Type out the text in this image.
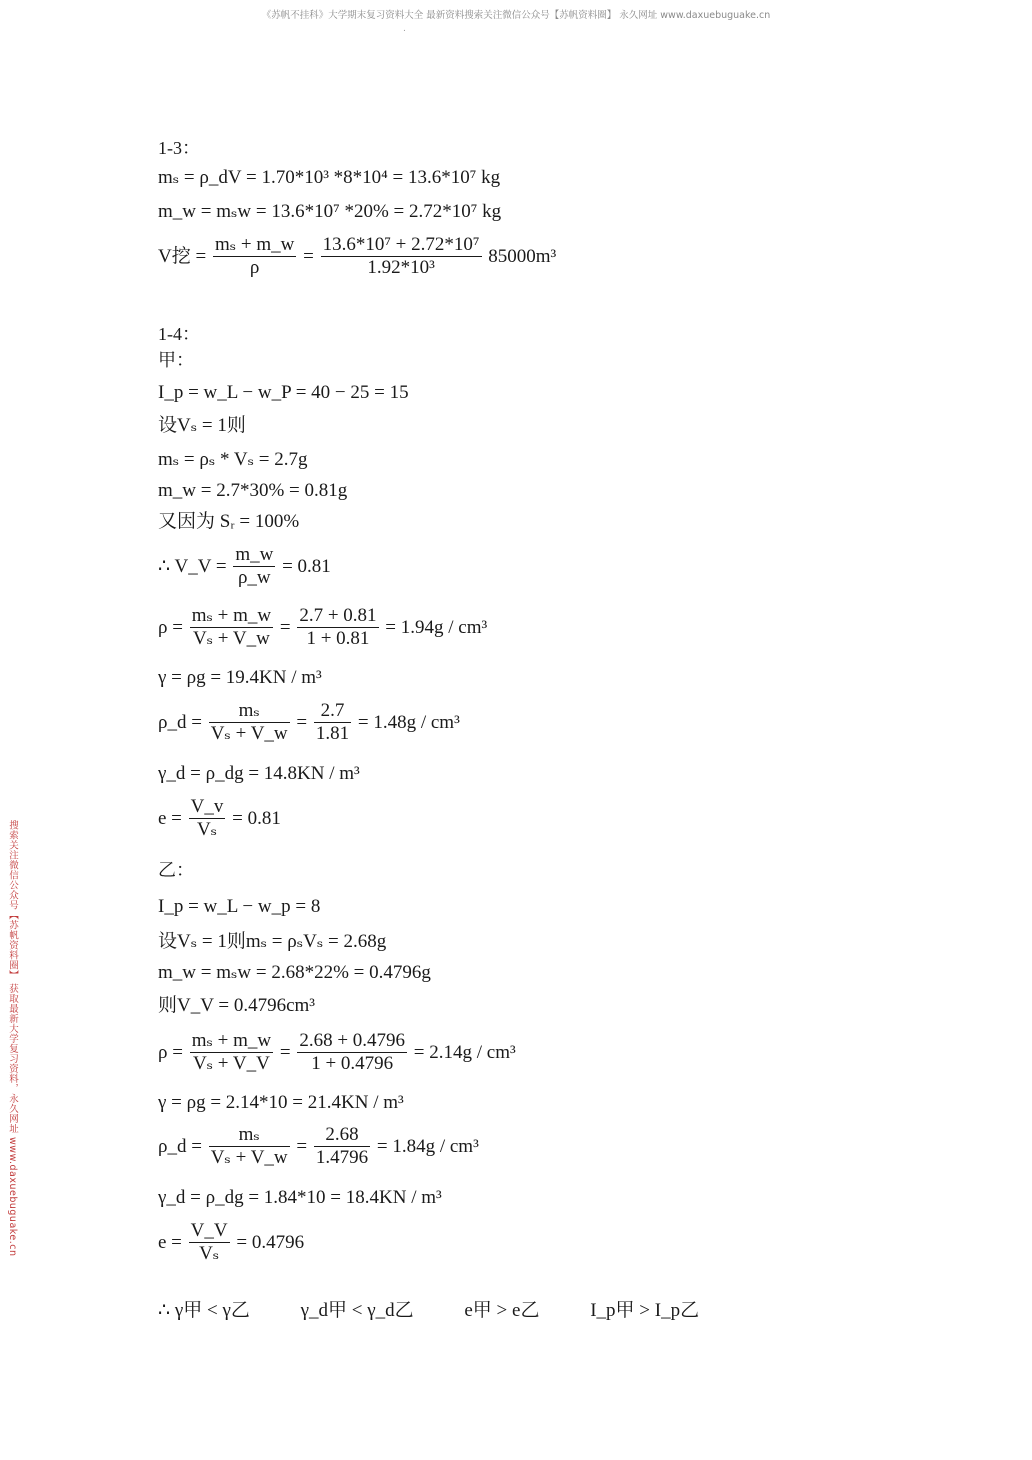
《苏帆不挂科》大学期末复习资料大全 最新资料搜索关注微信公众号【苏帆资料圈】 永久网址 www.daxuebuguake.cn
.
搜索关注微信公众号【苏帆资料圈】 获取最新大学复习资料，永久网址 www.daxuebuguake.cn
1-3：
mₛ = ρ_dV = 1.70*10³ *8*10⁴ = 13.6*10⁷ kg
m_w = mₛw = 13.6*10⁷ *20% = 2.72*10⁷ kg
V挖 = $\frac{\text{mₛ + m\_w}}{\rho} = \frac{\text{13.6*10⁷ + 2.72*10⁷}}{\text{1.92*10³}} 85000m^3$
1-4：
甲：
I_p = w_L − w_P = 40 − 25 = 15
设Vₛ = 1则
mₛ = ρₛ * Vₛ = 2.7g
m_w = 2.7*30% = 0.81g
又因为 Sᵣ = 100%
∴ V_V = $\frac{m\_w}{\rho\_w} = 0.81$
$\rho = \frac{\text{mₛ + m\_w}}{\text{Vₛ + V\_w}} = \frac{2.7 + 0.81}{1 + 0.81} = 1.94g / cm^3$
γ = ρg = 19.4KN / m³
ρ_d = $\frac{\text{mₛ}}{\text{Vₛ + V\_w}} = \frac{2.7}{1.81} = 1.48g / cm^3$
γ_d = ρ_dg = 14.8KN / m³
$e = \frac{V\_v}{\text{Vₛ}} = 0.81$
乙：
I_p = w_L − w_p = 8
设Vₛ = 1则mₛ = ρₛVₛ = 2.68g
m_w = mₛw = 2.68*22% = 0.4796g
则V_V = 0.4796cm³
$\rho = \frac{\text{mₛ + m\_w}}{\text{Vₛ + V\_V}} = \frac{2.68 + 0.4796}{1 + 0.4796} = 2.14g / cm^3$
γ = ρg = 2.14*10 = 21.4KN / m³
ρ_d = $\frac{\text{mₛ}}{\text{Vₛ + V\_w}} = \frac{2.68}{1.4796} = 1.84g / cm^3$
γ_d = ρ_dg = 1.84*10 = 18.4KN / m³
$e = \frac{V\_V}{\text{Vₛ}} = 0.4796$
∴ γ甲 < γ乙	γ_d甲 < γ_d乙	e甲 > e乙	I_p甲 > I_p乙
